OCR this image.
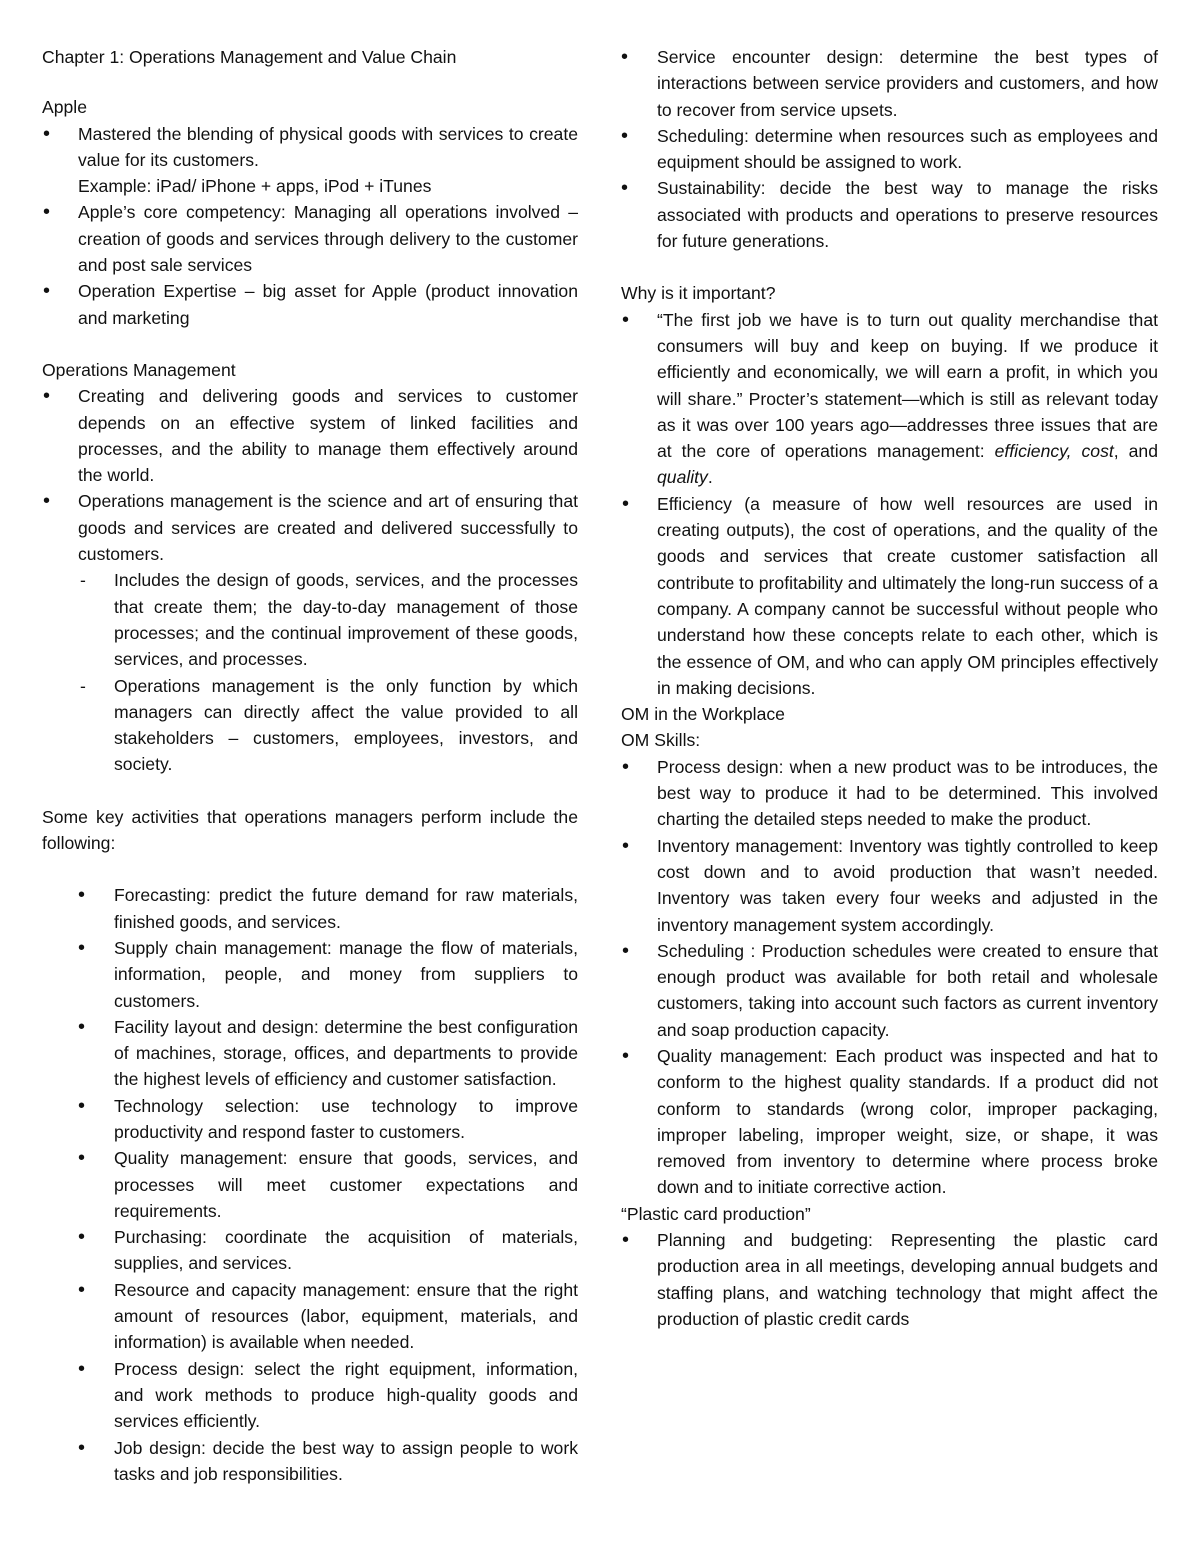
Chapter 1: Operations Management and Value Chain

Apple

• Mastered the blending of physical goods with services to create value for its customers.
Example: iPad/ iPhone + apps, iPod + iTunes
• Apple’s core competency: Managing all operations involved – creation of goods and services through delivery to the customer and post sale services
• Operation Expertise – big asset for Apple (product innovation and marketing

Operations Management

• Creating and delivering goods and services to customer depends on an effective system of linked facilities and processes, and the ability to manage them effectively around the world.
• Operations management is the science and art of ensuring that goods and services are created and delivered successfully to customers.
- Includes the design of goods, services, and the processes that create them; the day-to-day management of those processes; and the continual improvement of these goods, services, and processes.
- Operations management is the only function by which managers can directly affect the value provided to all stakeholders – customers, employees, investors, and society.

Some key activities that operations managers perform include the following:

• Forecasting: predict the future demand for raw materials, finished goods, and services.
• Supply chain management: manage the flow of materials, information, people, and money from suppliers to customers.
• Facility layout and design: determine the best configuration of machines, storage, offices, and departments to provide the highest levels of efficiency and customer satisfaction.
• Technology selection: use technology to improve productivity and respond faster to customers.
• Quality management: ensure that goods, services, and processes will meet customer expectations and requirements.
• Purchasing: coordinate the acquisition of materials, supplies, and services.
• Resource and capacity management: ensure that the right amount of resources (labor, equipment, materials, and information) is available when needed.
• Process design: select the right equipment, information, and work methods to produce high-quality goods and services efficiently.
• Job design: decide the best way to assign people to work tasks and job responsibilities.
• Service encounter design: determine the best types of interactions between service providers and customers, and how to recover from service upsets.
• Scheduling: determine when resources such as employees and equipment should be assigned to work.
• Sustainability: decide the best way to manage the risks associated with products and operations to preserve resources for future generations.

Why is it important?

• “The first job we have is to turn out quality merchandise that consumers will buy and keep on buying. If we produce it efficiently and economically, we will earn a profit, in which you will share.” Procter’s statement—which is still as relevant today as it was over 100 years ago—addresses three issues that are at the core of operations management: efficiency, cost, and quality.
• Efficiency (a measure of how well resources are used in creating outputs), the cost of operations, and the quality of the goods and services that create customer satisfaction all contribute to profitability and ultimately the long-run success of a company. A company cannot be successful without people who understand how these concepts relate to each other, which is the essence of OM, and who can apply OM principles effectively in making decisions.

OM in the Workplace

OM Skills:

• Process design: when a new product was to be introduces, the best way to produce it had to be determined. This involved charting the detailed steps needed to make the product.
• Inventory management: Inventory was tightly controlled to keep cost down and to avoid production that wasn’t needed. Inventory was taken every four weeks and adjusted in the inventory management system accordingly.
• Scheduling : Production schedules were created to ensure that enough product was available for both retail and wholesale customers, taking into account such factors as current inventory and soap production capacity.
• Quality management: Each product was inspected and hat to conform to the highest quality standards. If a product did not conform to standards (wrong color, improper packaging, improper labeling, improper weight, size, or shape, it was removed from inventory to determine where process broke down and to initiate corrective action.

“Plastic card production”

• Planning and budgeting: Representing the plastic card production area in all meetings, developing annual budgets and staffing plans, and watching technology that might affect the production of plastic credit cards
